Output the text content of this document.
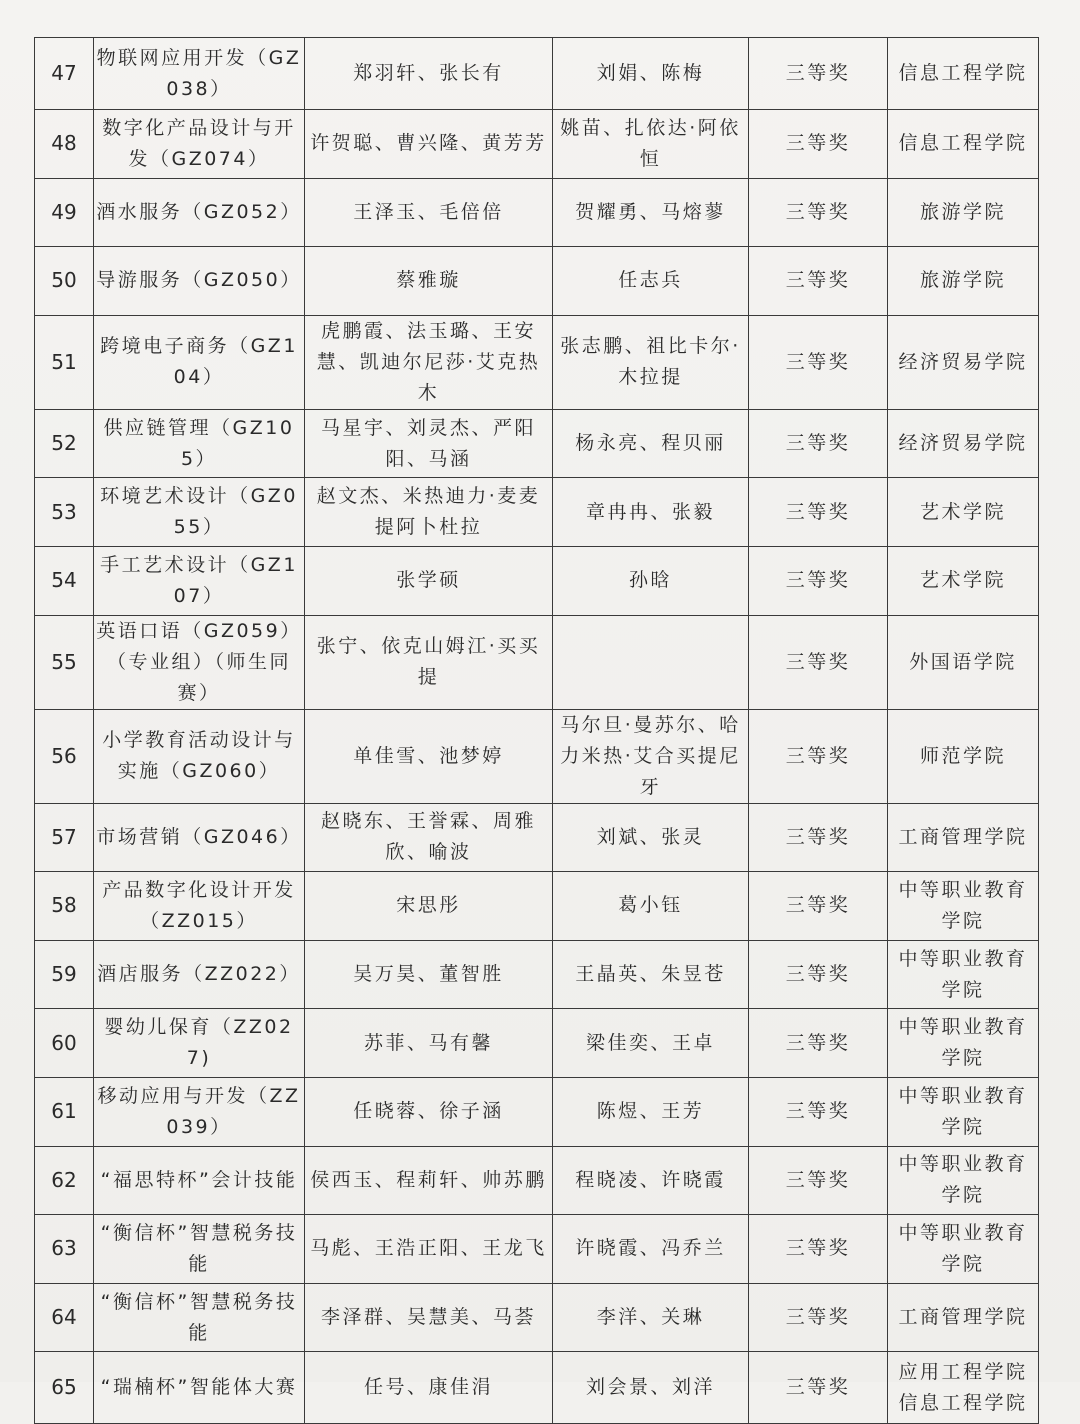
47	物联网应用开发（GZ038）	郑羽轩、张长有	刘娟、陈梅	三等奖	信息工程学院
48	数字化产品设计与开发（GZ074）	许贺聪、曹兴隆、黄芳芳	姚苗、扎依达·阿依恒	三等奖	信息工程学院
49	酒水服务（GZ052）	王泽玉、毛倍倍	贺耀勇、马熔蓼	三等奖	旅游学院
50	导游服务（GZ050）	蔡雅璇	任志兵	三等奖	旅游学院
51	跨境电子商务（GZ104）	虎鹏霞、法玉璐、王安慧、凯迪尔尼莎·艾克热木	张志鹏、祖比卡尔·木拉提	三等奖	经济贸易学院
52	供应链管理（GZ105）	马星宇、刘灵杰、严阳阳、马涵	杨永亮、程贝丽	三等奖	经济贸易学院
53	环境艺术设计（GZ055）	赵文杰、米热迪力·麦麦提阿卜杜拉	章冉冉、张毅	三等奖	艺术学院
54	手工艺术设计（GZ107）	张学硕	孙晗	三等奖	艺术学院
55	英语口语（GZ059）（专业组）（师生同赛）	张宁、依克山姆江·买买提		三等奖	外国语学院
56	小学教育活动设计与实施（GZ060）	单佳雪、池梦婷	马尔旦·曼苏尔、哈力米热·艾合买提尼牙	三等奖	师范学院
57	市场营销（GZ046）	赵晓东、王誉霖、周雅欣、喻波	刘斌、张灵	三等奖	工商管理学院
58	产品数字化设计开发（ZZ015）	宋思彤	葛小钰	三等奖	中等职业教育学院
59	酒店服务（ZZ022）	吴万昊、董智胜	王晶英、朱昱苍	三等奖	中等职业教育学院
60	婴幼儿保育（ZZ027)	苏菲、马有馨	梁佳奕、王卓	三等奖	中等职业教育学院
61	移动应用与开发（ZZ039）	任晓蓉、徐子涵	陈煜、王芳	三等奖	中等职业教育学院
62	“福思特杯”会计技能	侯西玉、程莉轩、帅苏鹏	程晓凌、许晓霞	三等奖	中等职业教育学院
63	“衡信杯”智慧税务技能	马彪、王浩正阳、王龙飞	许晓霞、冯乔兰	三等奖	中等职业教育学院
64	“衡信杯”智慧税务技能	李泽群、吴慧美、马荟	李洋、关琳	三等奖	工商管理学院
65	“瑞楠杯”智能体大赛	任号、康佳涓	刘会景、刘洋	三等奖	应用工程学院信息工程学院
